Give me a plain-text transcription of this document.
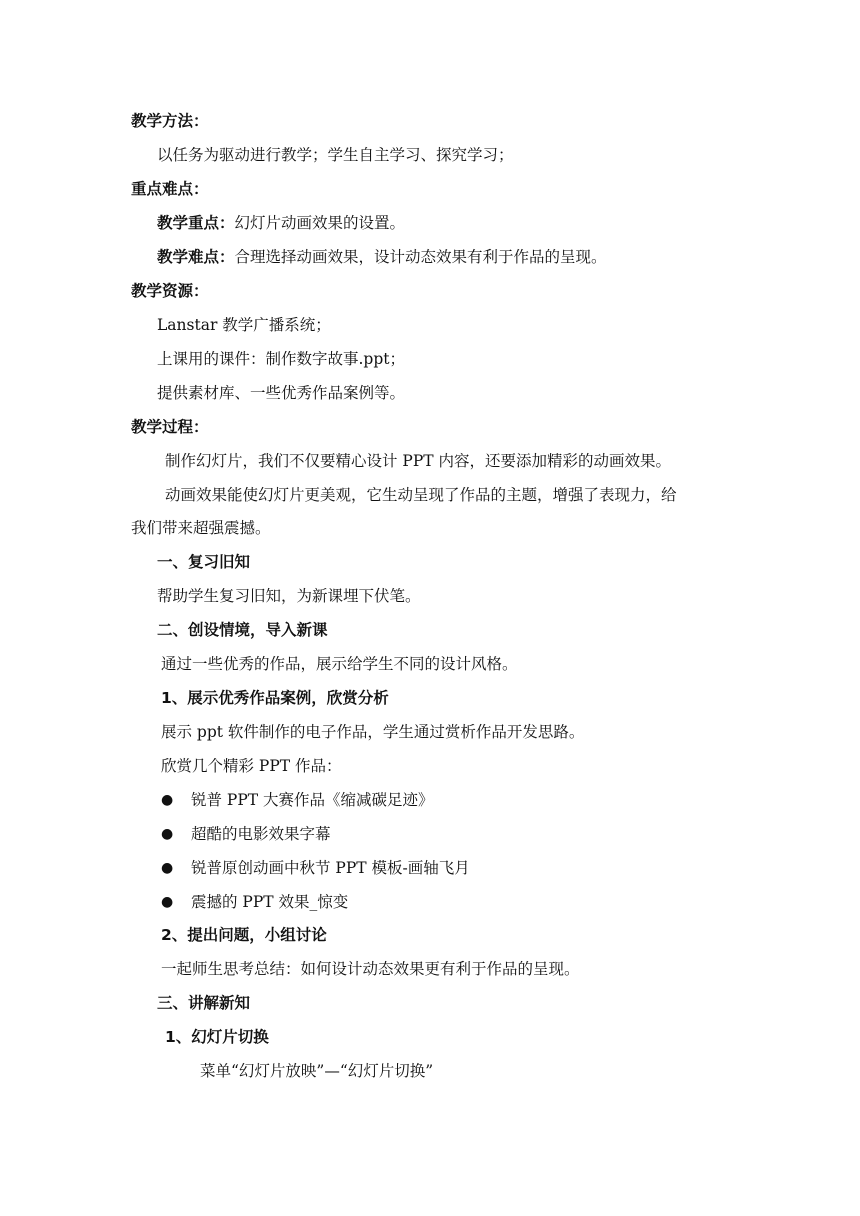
教学方法：
以任务为驱动进行教学；学生自主学习、探究学习；
重点难点：
教学重点：幻灯片动画效果的设置。
教学难点：合理选择动画效果，设计动态效果有利于作品的呈现。
教学资源：
Lanstar 教学广播系统；
上课用的课件：制作数字故事.ppt；
提供素材库、一些优秀作品案例等。
教学过程：
制作幻灯片，我们不仅要精心设计 PPT 内容，还要添加精彩的动画效果。
动画效果能使幻灯片更美观，它生动呈现了作品的主题，增强了表现力，给
我们带来超强震撼。
一、复习旧知
帮助学生复习旧知，为新课埋下伏笔。
二、创设情境，导入新课
通过一些优秀的作品，展示给学生不同的设计风格。
1、展示优秀作品案例，欣赏分析
展示 ppt 软件制作的电子作品，学生通过赏析作品开发思路。
欣赏几个精彩 PPT 作品：
● 锐普 PPT 大赛作品《缩减碳足迹》
● 超酷的电影效果字幕
● 锐普原创动画中秋节 PPT 模板-画轴飞月
● 震撼的 PPT 效果_惊变
2、提出问题，小组讨论
一起师生思考总结：如何设计动态效果更有利于作品的呈现。
三、讲解新知
1、幻灯片切换
菜单“幻灯片放映”—“幻灯片切换”
